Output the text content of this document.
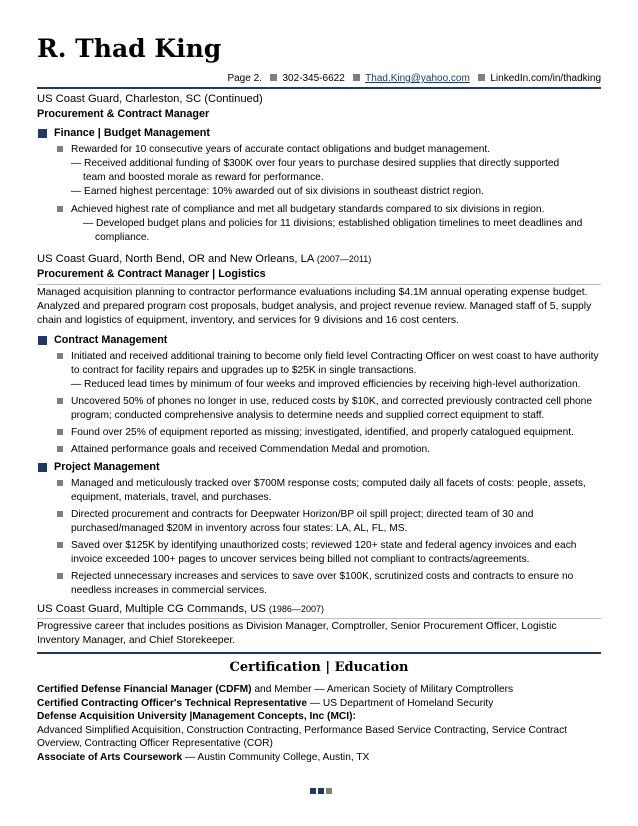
R. Thad King
Page 2. 302-345-6622 Thad.King@yahoo.com LinkedIn.com/in/thadking
US Coast Guard, Charleston, SC (Continued)
Procurement & Contract Manager
Finance | Budget Management
Rewarded for 10 consecutive years of accurate contact obligations and budget management.
— Received additional funding of $300K over four years to purchase desired supplies that directly supported
team and boosted morale as reward for performance.
— Earned highest percentage: 10% awarded out of six divisions in southeast district region.
Achieved highest rate of compliance and met all budgetary standards compared to six divisions in region.
— Developed budget plans and policies for 11 divisions; established obligation timelines to meet deadlines and
compliance.
US Coast Guard, North Bend, OR and New Orleans, LA (2007—2011)
Procurement & Contract Manager | Logistics
Managed acquisition planning to contractor performance evaluations including $4.1M annual operating expense budget. Analyzed and prepared program cost proposals, budget analysis, and project revenue review. Managed staff of 5, supply chain and logistics of equipment, inventory, and services for 9 divisions and 16 cost centers.
Contract Management
Initiated and received additional training to become only field level Contracting Officer on west coast to have authority to contract for facility repairs and upgrades up to $25K in single transactions.
— Reduced lead times by minimum of four weeks and improved efficiencies by receiving high-level authorization.
Uncovered 50% of phones no longer in use, reduced costs by $10K, and corrected previously contracted cell phone program; conducted comprehensive analysis to determine needs and supplied correct equipment to staff.
Found over 25% of equipment reported as missing; investigated, identified, and properly catalogued equipment.
Attained performance goals and received Commendation Medal and promotion.
Project Management
Managed and meticulously tracked over $700M response costs; computed daily all facets of costs: people, assets, equipment, materials, travel, and purchases.
Directed procurement and contracts for Deepwater Horizon/BP oil spill project; directed team of 30 and purchased/managed $20M in inventory across four states: LA, AL, FL, MS.
Saved over $125K by identifying unauthorized costs; reviewed 120+ state and federal agency invoices and each invoice exceeded 100+ pages to uncover services being billed not compliant to contracts/agreements.
Rejected unnecessary increases and services to save over $100K, scrutinized costs and contracts to ensure no needless increases in commercial services.
US Coast Guard, Multiple CG Commands, US (1986—2007)
Progressive career that includes positions as Division Manager, Comptroller, Senior Procurement Officer, Logistic Inventory Manager, and Chief Storekeeper.
Certification | Education
Certified Defense Financial Manager (CDFM) and Member — American Society of Military Comptrollers
Certified Contracting Officer's Technical Representative — US Department of Homeland Security
Defense Acquisition University |Management Concepts, Inc (MCI):
Advanced Simplified Acquisition, Construction Contracting, Performance Based Service Contracting, Service Contract Overview, Contracting Officer Representative (COR)
Associate of Arts Coursework — Austin Community College, Austin, TX
